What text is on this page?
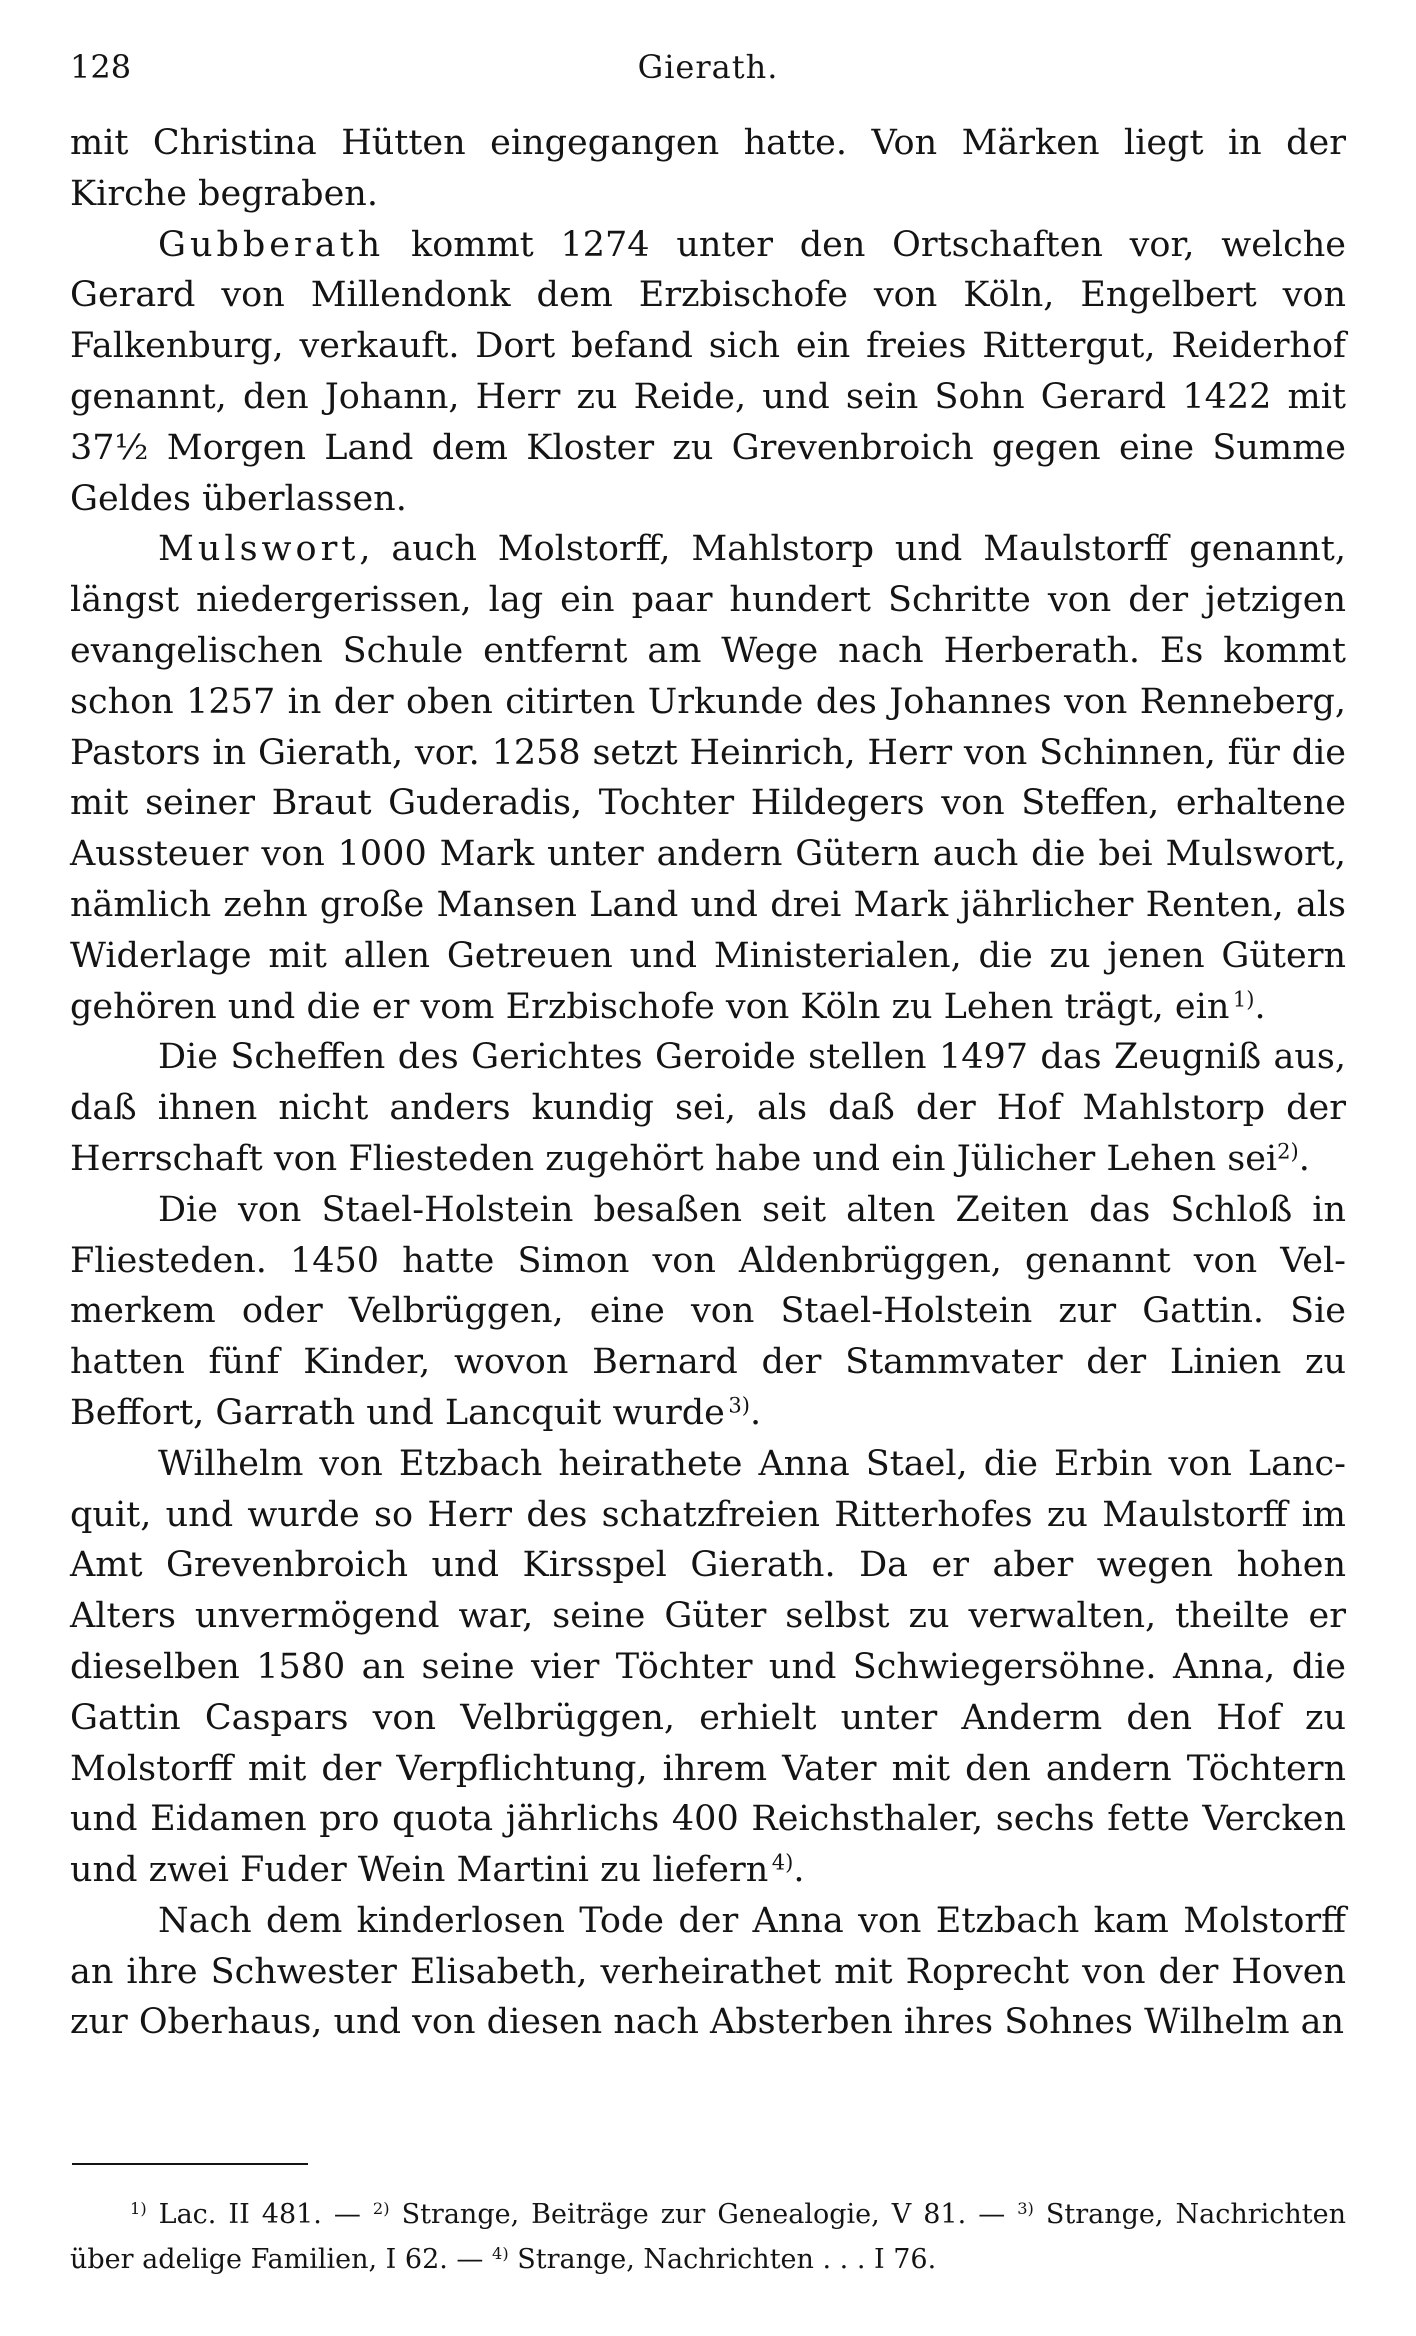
128	Gierath.

mit Christina Hütten eingegangen hatte. Von Märken liegt in der Kirche begraben.

Gubberath kommt 1274 unter den Ortschaften vor, welche Gerard von Millendonk dem Erzbischofe von Köln, Engelbert von Falkenburg, verkauft. Dort befand sich ein freies Rittergut, Reiderhof genannt, den Johann, Herr zu Reide, und sein Sohn Gerard 1422 mit 37½ Morgen Land dem Kloster zu Grevenbroich gegen eine Summe Geldes überlassen.

Mulswort, auch Molstorff, Mahlstorp und Maulstorff genannt, längst niedergerissen, lag ein paar hundert Schritte von der jetzigen evangelischen Schule entfernt am Wege nach Herberath. Es kommt schon 1257 in der oben citirten Urkunde des Johannes von Renneberg, Pastors in Gierath, vor. 1258 setzt Heinrich, Herr von Schinnen, für die mit seiner Braut Guderadis, Tochter Hildegers von Steffen, erhaltene Aussteuer von 1000 Mark unter andern Gütern auch die bei Mulswort, nämlich zehn große Mansen Land und drei Mark jährlicher Renten, als Widerlage mit allen Getreuen und Ministerialen, die zu jenen Gütern gehören und die er vom Erzbischofe von Köln zu Lehen trägt, ein  $^{1)}$.

Die Scheffen des Gerichtes Geroide stellen 1497 das Zeugniß aus, daß ihnen nicht anders kundig sei, als daß der Hof Mahlstorp der Herrschaft von Fliesteden zugehört habe und ein Jülicher Lehen sei$^{2)}$.

Die von Stael-Holstein besaßen seit alten Zeiten das Schloß in Fliesteden. 1450 hatte Simon von Aldenbrüggen, genannt von Velmerkem oder Velbrüggen, eine von Stael-Holstein zur Gattin. Sie hatten fünf Kinder, wovon Bernard der Stammvater der Linien zu Beffort, Garrath und Lancquit wurde  $^{3)}$.

Wilhelm von Etzbach heirathete Anna Stael, die Erbin von Lancquit, und wurde so Herr des schatzfreien Ritterhofes zu Maulstorff im Amt Grevenbroich und Kirsspel Gierath. Da er aber wegen hohen Alters unvermögend war, seine Güter selbst zu verwalten, theilte er dieselben 1580 an seine vier Töchter und Schwiegersöhne. Anna, die Gattin Caspars von Velbrüggen, erhielt unter Anderm den Hof zu Molstorff mit der Verpflichtung, ihrem Vater mit den andern Töchtern und Eidamen pro quota jährlichs 400 Reichsthaler, sechs fette Vercken und zwei Fuder Wein Martini zu liefern  $^{4)}$.

Nach dem kinderlosen Tode der Anna von Etzbach kam Molstorff an ihre Schwester Elisabeth, verheirathet mit Roprecht von der Hoven zur Oberhaus, und von diesen nach Absterben ihres Sohnes Wilhelm an

$^{1)}$ Lac. II 481. — $^{2)}$ Strange, Beiträge zur Genealogie, V 81. — $^{3)}$ Strange, Nachrichten über adelige Familien, I 62. — $^{4)}$ Strange, Nachrichten . . . I 76.
